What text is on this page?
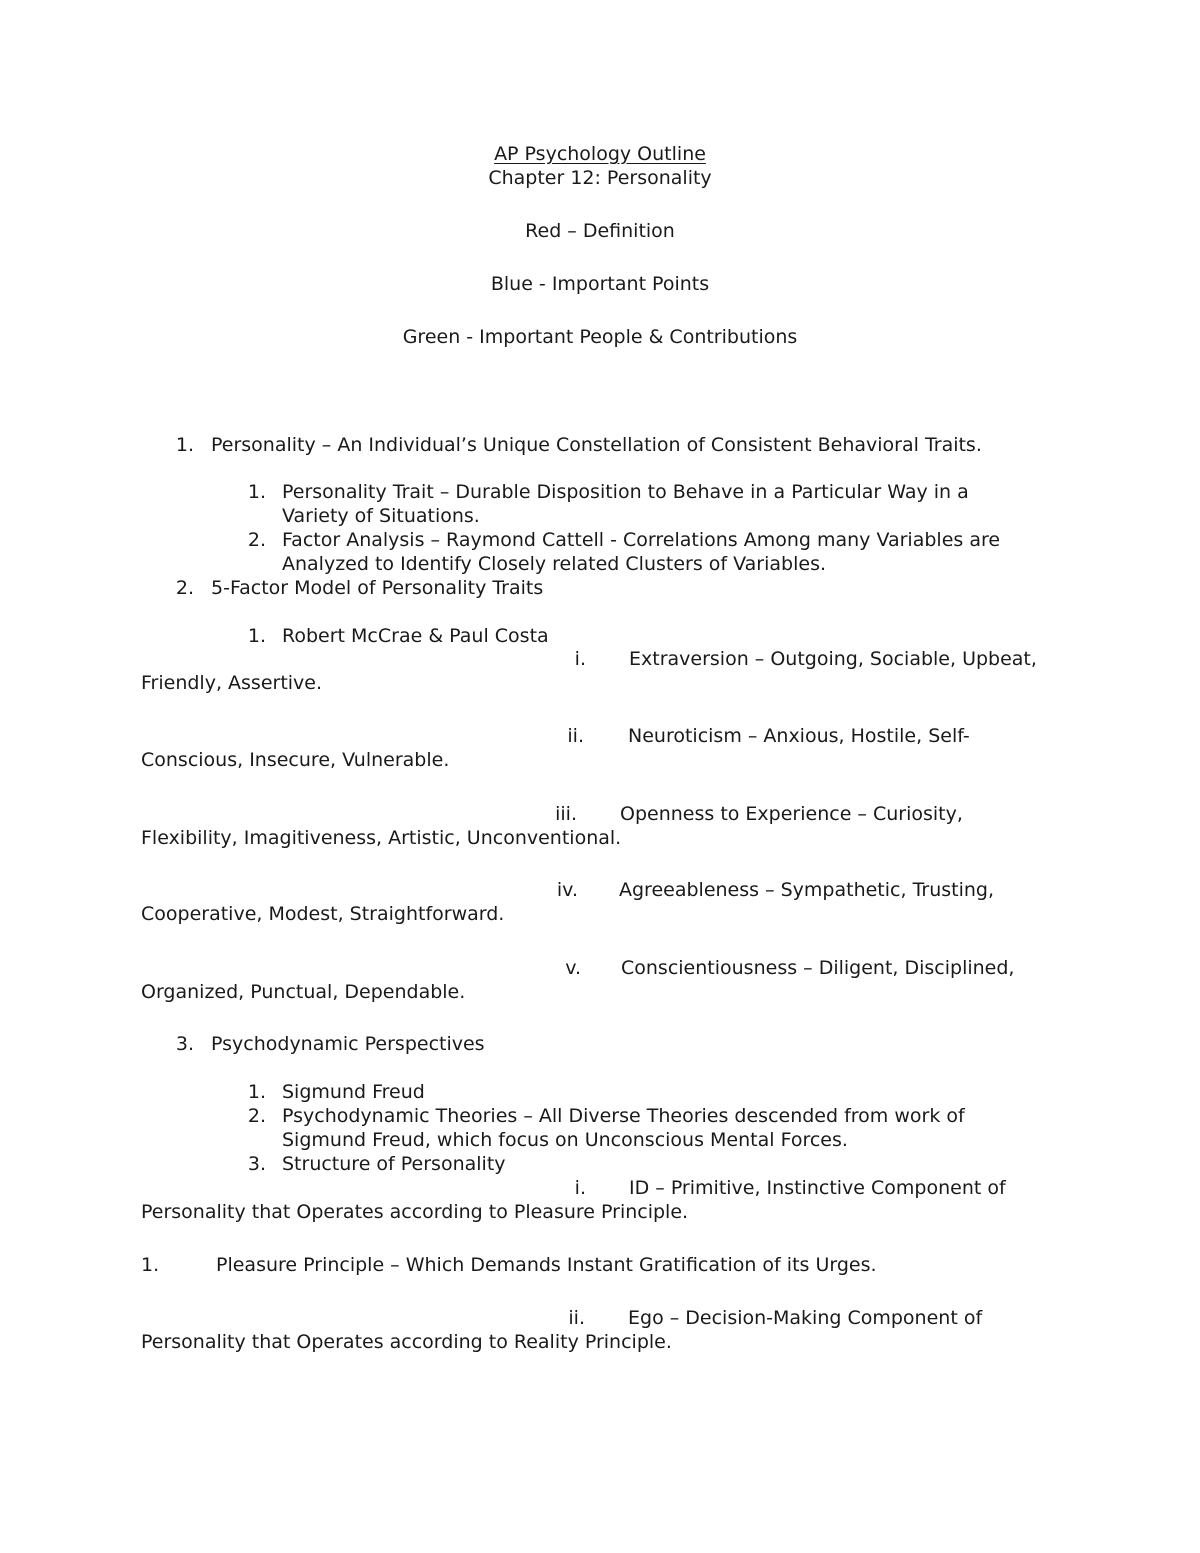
AP Psychology Outline
Chapter 12: Personality
Red – Definition
Blue - Important Points
Green - Important People & Contributions
1. Personality – An Individual’s Unique Constellation of Consistent Behavioral Traits.
1. Personality Trait – Durable Disposition to Behave in a Particular Way in a
Variety of Situations.
2. Factor Analysis – Raymond Cattell - Correlations Among many Variables are
Analyzed to Identify Closely related Clusters of Variables.
2. 5-Factor Model of Personality Traits
1. Robert McCrae & Paul Costa
i. Extraversion – Outgoing, Sociable, Upbeat,
Friendly, Assertive.
ii. Neuroticism – Anxious, Hostile, Self-
Conscious, Insecure, Vulnerable.
iii. Openness to Experience – Curiosity,
Flexibility, Imagitiveness, Artistic, Unconventional.
iv. Agreeableness – Sympathetic, Trusting,
Cooperative, Modest, Straightforward.
v. Conscientiousness – Diligent, Disciplined,
Organized, Punctual, Dependable.
3. Psychodynamic Perspectives
1. Sigmund Freud
2. Psychodynamic Theories – All Diverse Theories descended from work of
Sigmund Freud, which focus on Unconscious Mental Forces.
3. Structure of Personality
i. ID – Primitive, Instinctive Component of
Personality that Operates according to Pleasure Principle.
1.	Pleasure Principle – Which Demands Instant Gratification of its Urges.
ii. Ego – Decision-Making Component of
Personality that Operates according to Reality Principle.
